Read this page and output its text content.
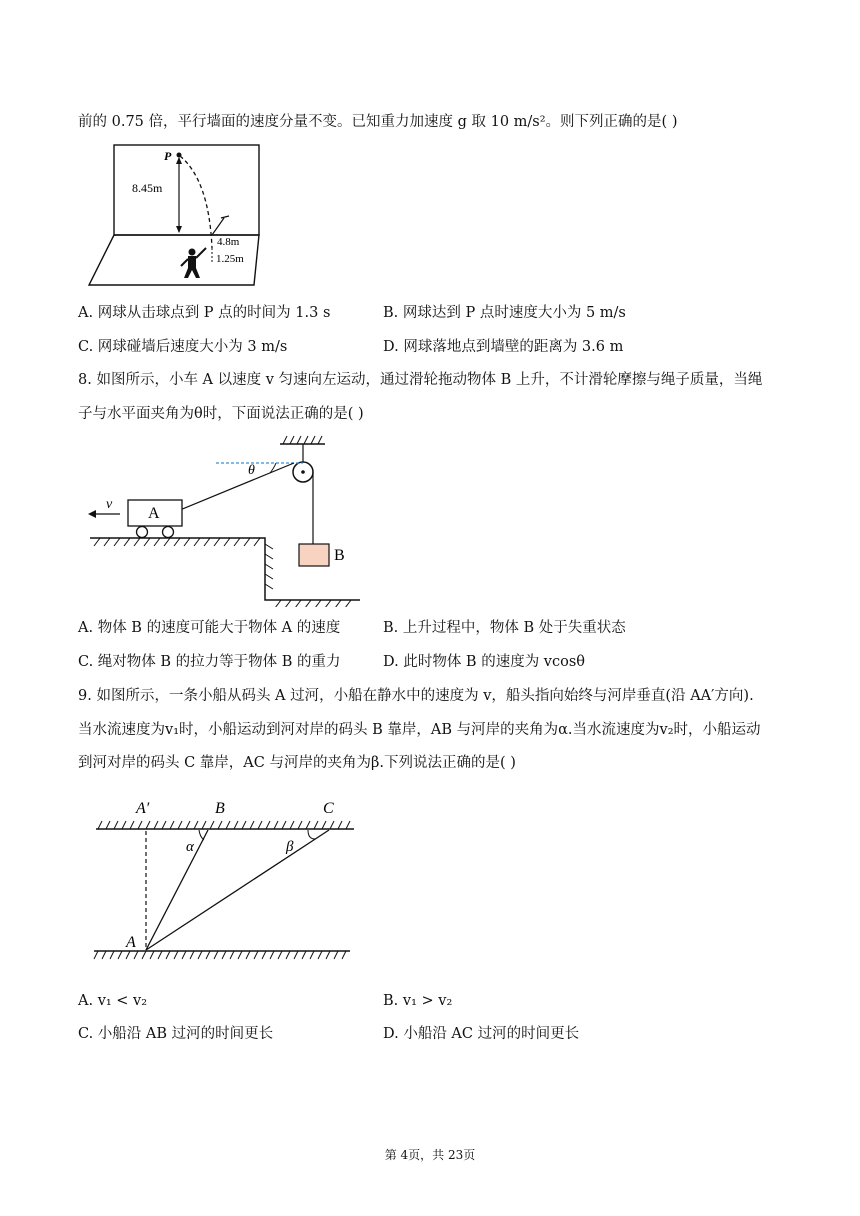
前的 0.75 倍，平行墙面的速度分量不变。已知重力加速度 g 取 10 m/s²。则下列正确的是( )
P
8.45m
4.8m
1.25m
A. 网球从击球点到 P 点的时间为 1.3 s	B. 网球达到 P 点时速度大小为 5 m/s
C. 网球碰墙后速度大小为 3 m/s	D. 网球落地点到墙壁的距离为 3.6 m
8. 如图所示，小车 A 以速度 v 匀速向左运动，通过滑轮拖动物体 B 上升，不计滑轮摩擦与绳子质量，当绳
子与水平面夹角为θ时，下面说法正确的是( )
θ
B
A
v
A. 物体 B 的速度可能大于物体 A 的速度	B. 上升过程中，物体 B 处于失重状态
C. 绳对物体 B 的拉力等于物体 B 的重力	D. 此时物体 B 的速度为 vcosθ
9. 如图所示，一条小船从码头 A 过河，小船在静水中的速度为 v，船头指向始终与河岸垂直(沿 AA′方向).
当水流速度为v₁时，小船运动到河对岸的码头 B 靠岸，AB 与河岸的夹角为α.当水流速度为v₂时，小船运动
到河对岸的码头 C 靠岸，AC 与河岸的夹角为β.下列说法正确的是( )
A′	B	C
α	β
A
A. v₁ < v₂	B. v₁ > v₂
C. 小船沿 AB 过河的时间更长	D. 小船沿 AC 过河的时间更长
第 4页，共 23页
